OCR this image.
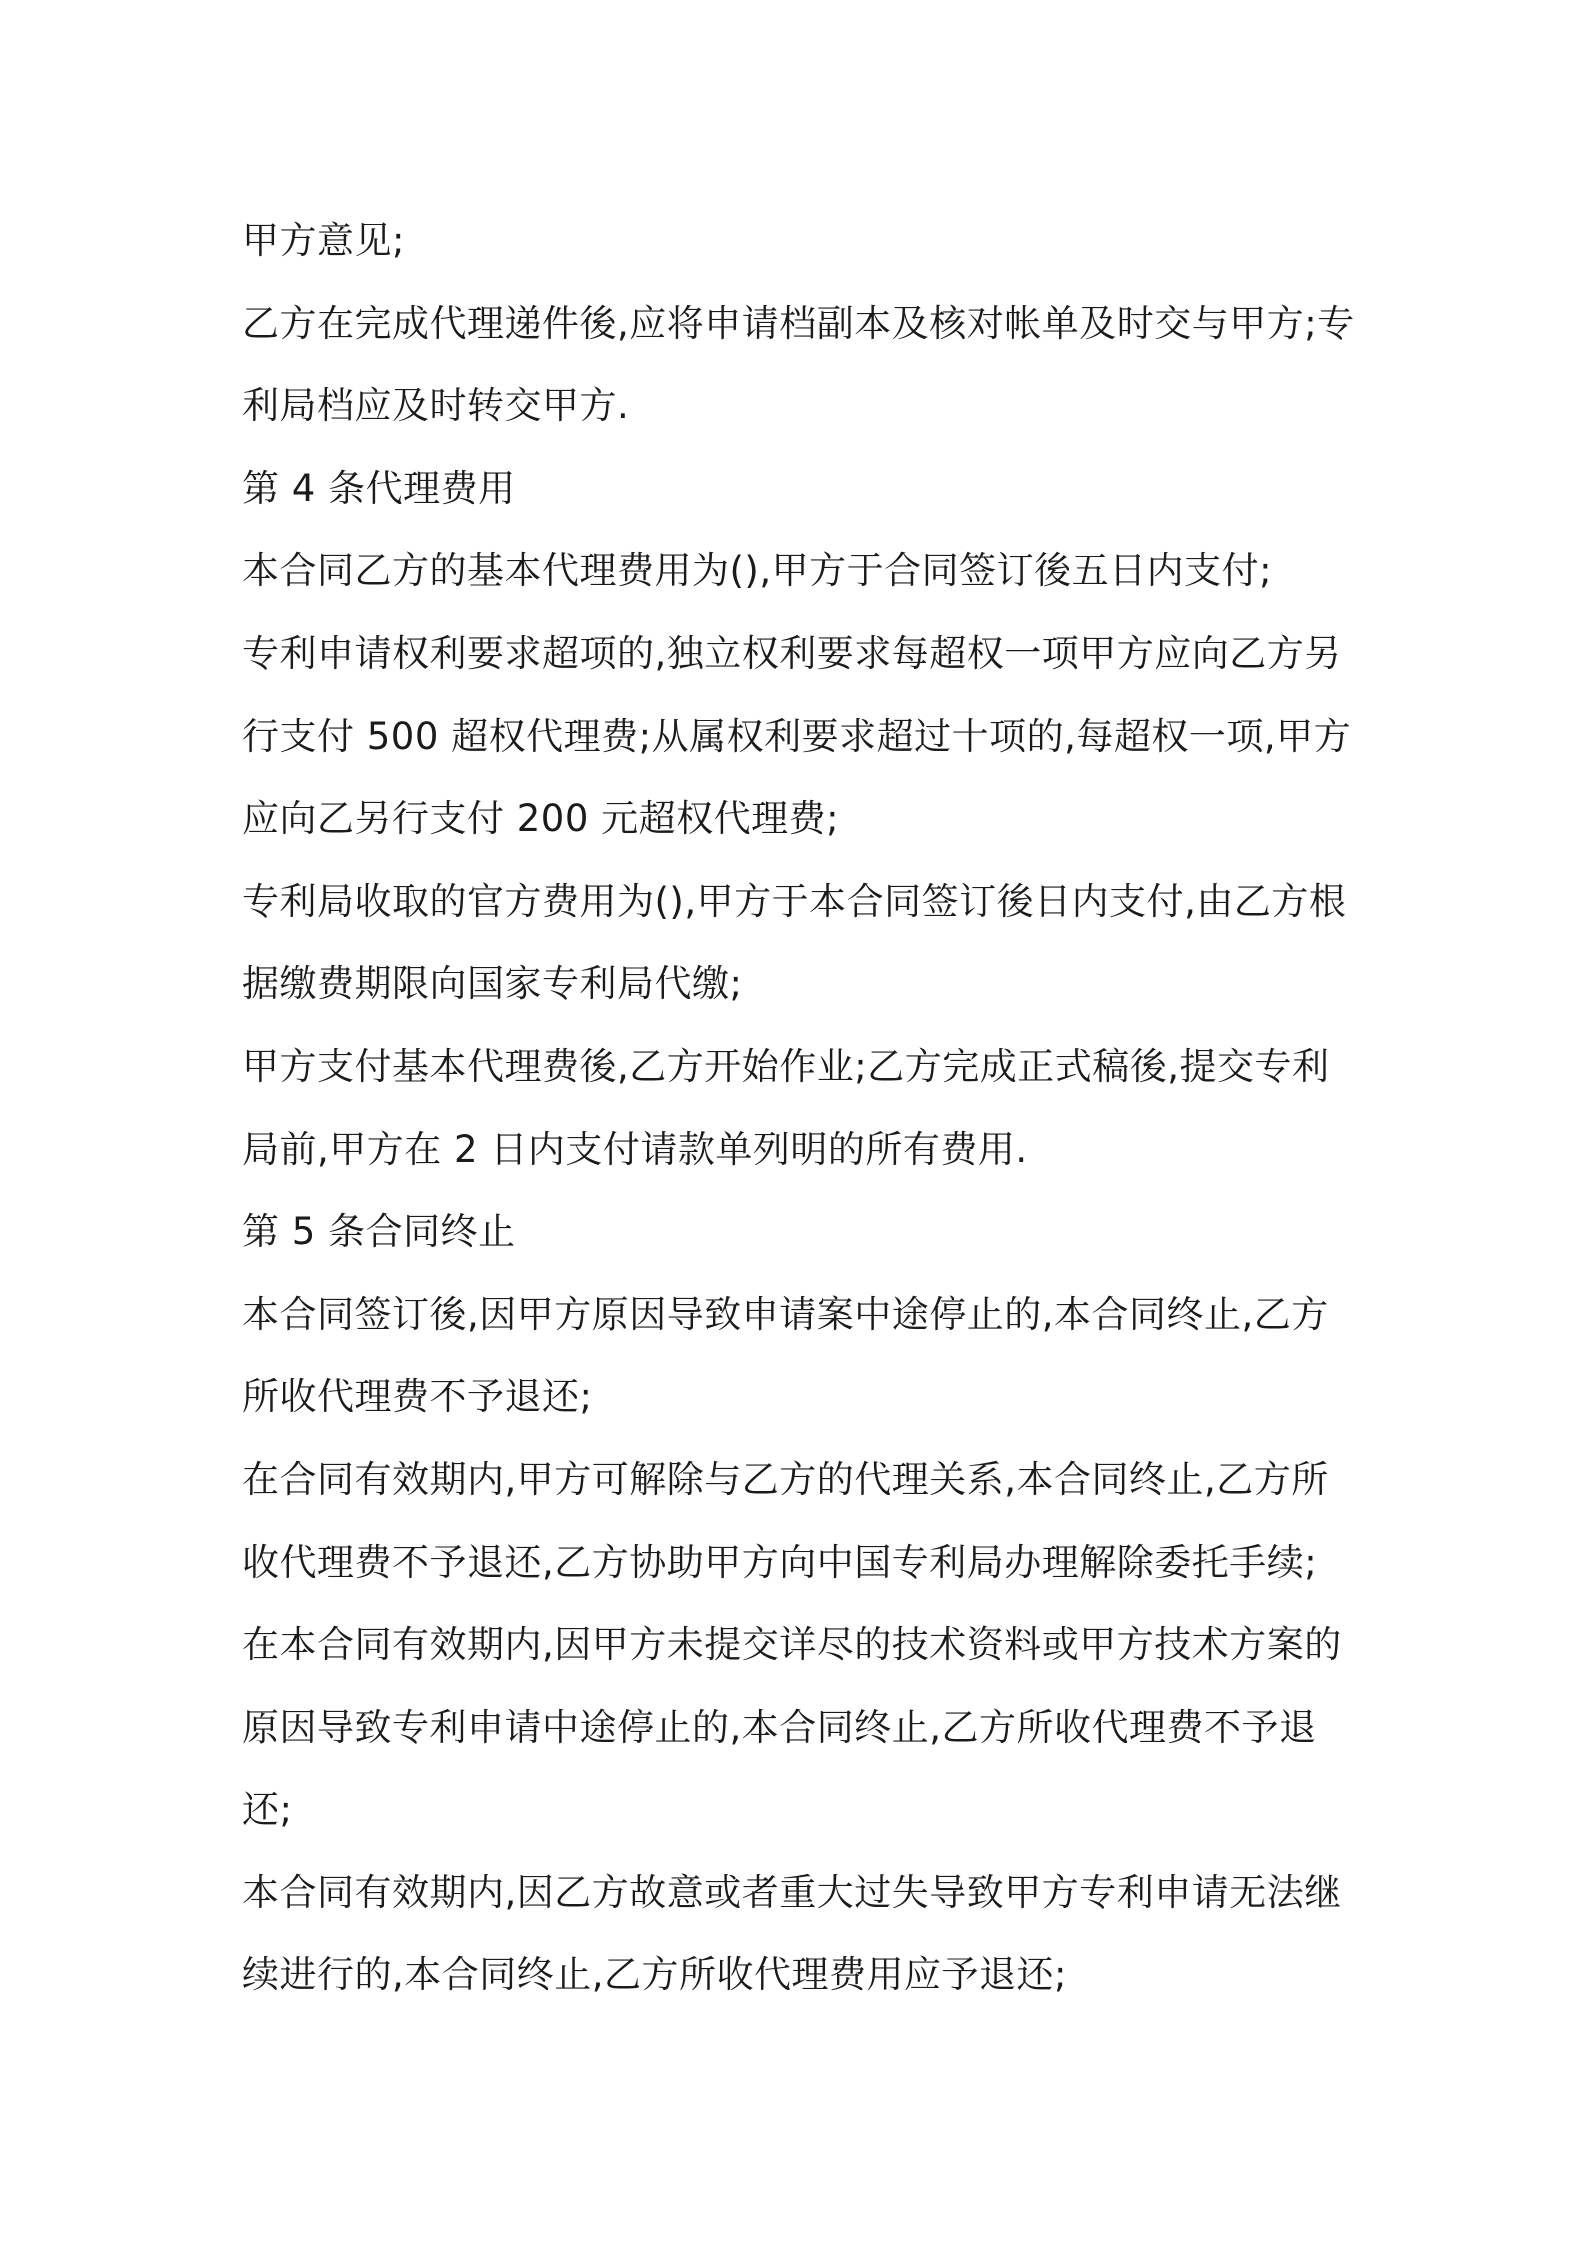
甲方意见;
乙方在完成代理递件後,应将申请档副本及核对帐单及时交与甲方;专
利局档应及时转交甲方.
第 4 条代理费用
本合同乙方的基本代理费用为(),甲方于合同签订後五日内支付;
专利申请权利要求超项的,独立权利要求每超权一项甲方应向乙方另
行支付 500 超权代理费;从属权利要求超过十项的,每超权一项,甲方
应向乙另行支付 200 元超权代理费;
专利局收取的官方费用为(),甲方于本合同签订後日内支付,由乙方根
据缴费期限向国家专利局代缴;
甲方支付基本代理费後,乙方开始作业;乙方完成正式稿後,提交专利
局前,甲方在 2 日内支付请款单列明的所有费用.
第 5 条合同终止
本合同签订後,因甲方原因导致申请案中途停止的,本合同终止,乙方
所收代理费不予退还;
在合同有效期内,甲方可解除与乙方的代理关系,本合同终止,乙方所
收代理费不予退还,乙方协助甲方向中国专利局办理解除委托手续;
在本合同有效期内,因甲方未提交详尽的技术资料或甲方技术方案的
原因导致专利申请中途停止的,本合同终止,乙方所收代理费不予退
还;
本合同有效期内,因乙方故意或者重大过失导致甲方专利申请无法继
续进行的,本合同终止,乙方所收代理费用应予退还;
